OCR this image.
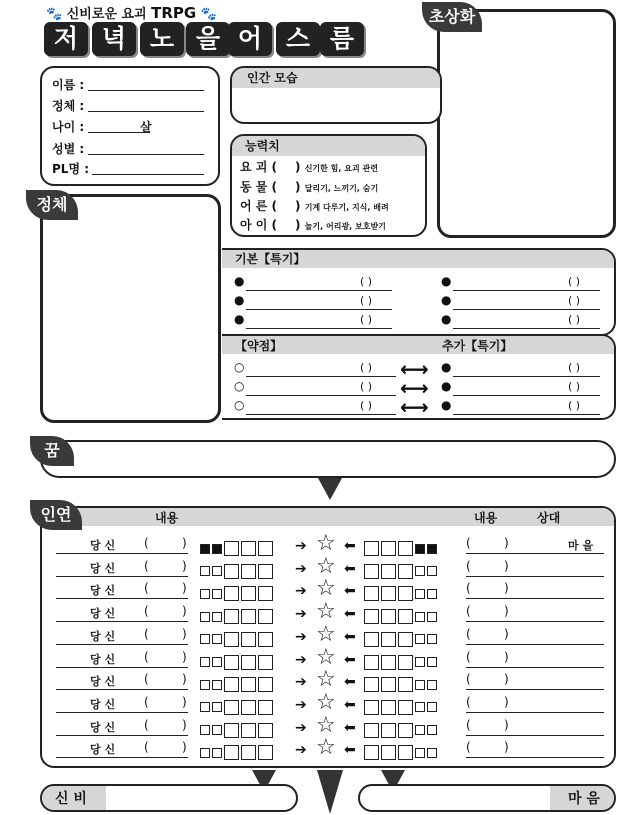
🐾 신비로운 요괴 TRPG 🐾
저 녁 노 을 어 스 름
초상화
이름 :
정체 :
나이 :	살
성별 :
PL명 :
인간 모습
능력치
요 괴 ( ) 신기한 힘, 요괴 관련
동 물 ( ) 달리기, 느끼기, 숨기
어 른 ( ) 기계 다루기, 지식, 배려
아 이 ( ) 놀기, 어리광, 보호받기
정체
기본【특기】
●	( )	●	( )
●	( )	●	( )
●	( )	●	( )
【약점】	추가【특기】
○	( ) ⟷ ●	( )
○	( ) ⟷ ●	( )
○	( ) ⟷ ●	( )
꿈
인연	내용	내용	상대
당 신 (	)	➔ ☆ ⬅	(	)	마 을
당 신 (	)	➔ ☆ ⬅	(	)
당 신 (	)	➔ ☆ ⬅	(	)
당 신 (	)	➔ ☆ ⬅	(	)
당 신 (	)	➔ ☆ ⬅	(	)
당 신 (	)	➔ ☆ ⬅	(	)
당 신 (	)	➔ ☆ ⬅	(	)
당 신 (	)	➔ ☆ ⬅	(	)
당 신 (	)	➔ ☆ ⬅	(	)
당 신 (	)	➔ ☆ ⬅	(	)
신 비	마 음
